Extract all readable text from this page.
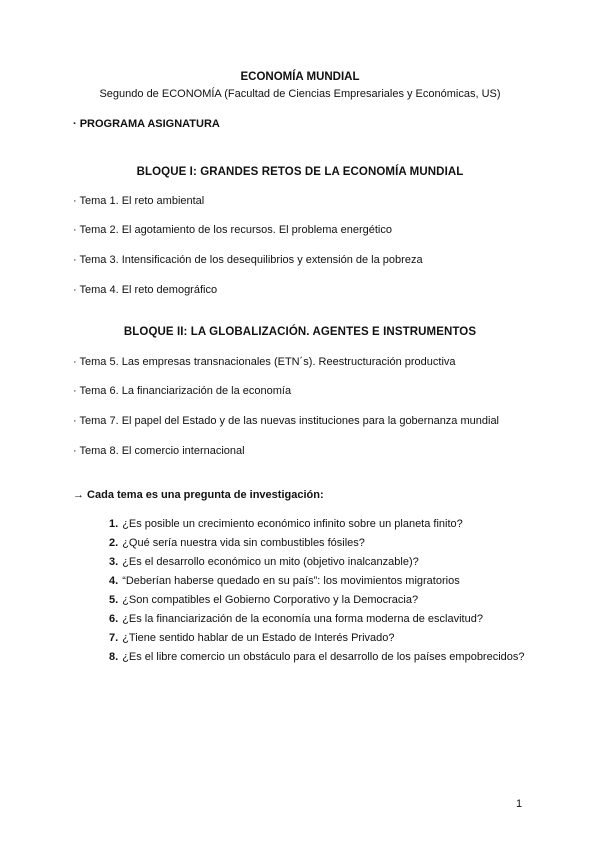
ECONOMÍA MUNDIAL
Segundo de ECONOMÍA (Facultad de Ciencias Empresariales y Económicas, US)
· PROGRAMA ASIGNATURA
BLOQUE I: GRANDES RETOS DE LA ECONOMÍA MUNDIAL
· Tema 1. El reto ambiental
· Tema 2. El agotamiento de los recursos. El problema energético
· Tema 3. Intensificación de los desequilibrios y extensión de la pobreza
· Tema 4. El reto demográfico
BLOQUE II: LA GLOBALIZACIÓN. AGENTES E INSTRUMENTOS
· Tema 5. Las empresas transnacionales (ETN´s). Reestructuración productiva
· Tema 6. La financiarización de la economía
· Tema 7. El papel del Estado y de las nuevas instituciones para la gobernanza mundial
· Tema 8. El comercio internacional
→ Cada tema es una pregunta de investigación:
1. ¿Es posible un crecimiento económico infinito sobre un planeta finito?
2. ¿Qué sería nuestra vida sin combustibles fósiles?
3. ¿Es el desarrollo económico un mito (objetivo inalcanzable)?
4. “Deberían haberse quedado en su país”: los movimientos migratorios
5. ¿Son compatibles el Gobierno Corporativo y la Democracia?
6. ¿Es la financiarización de la economía una forma moderna de esclavitud?
7. ¿Tiene sentido hablar de un Estado de Interés Privado?
8. ¿Es el libre comercio un obstáculo para el desarrollo de los países empobrecidos?
1
